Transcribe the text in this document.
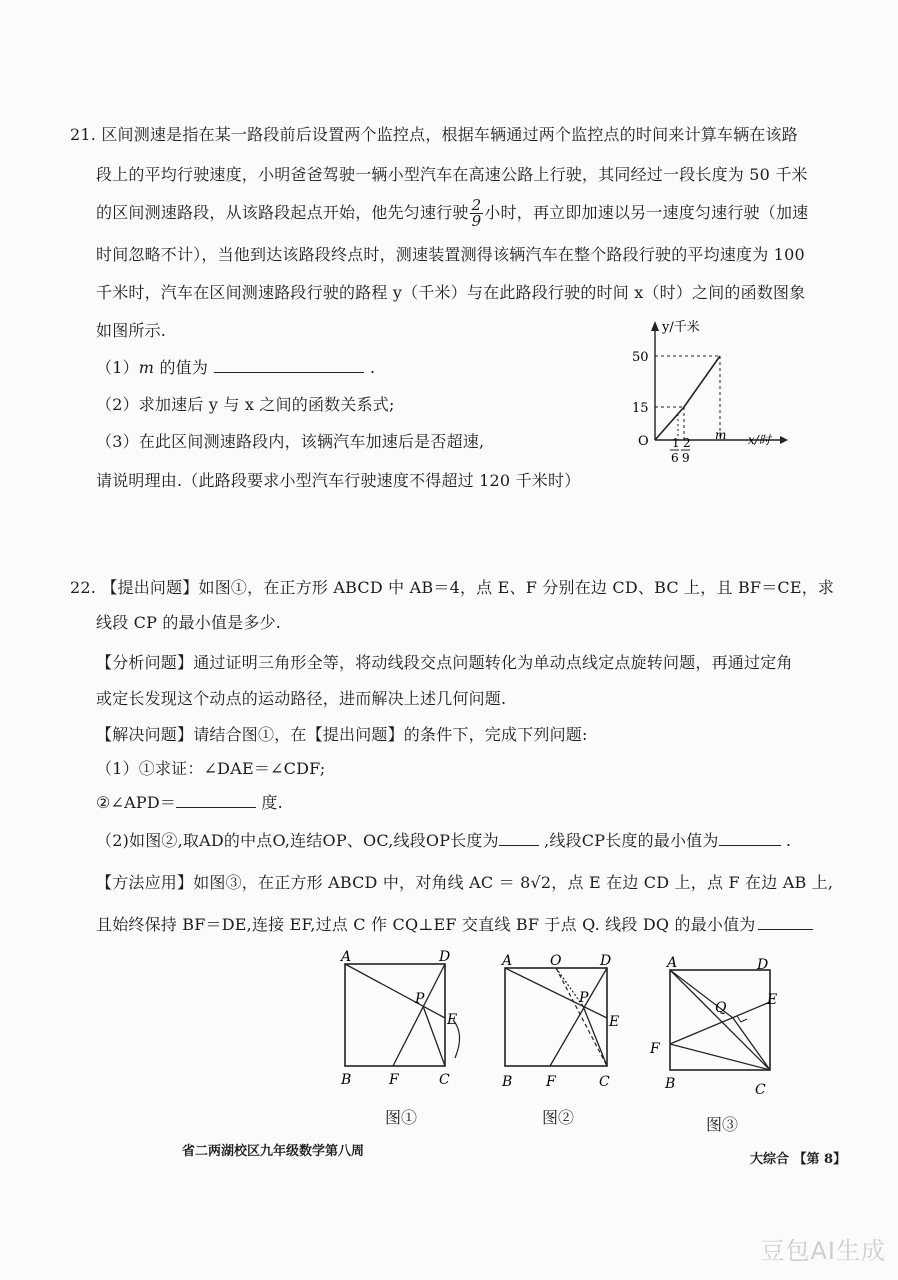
21. 区间测速是指在某一路段前后设置两个监控点，根据车辆通过两个监控点的时间来计算车辆在该路
段上的平均行驶速度，小明爸爸驾驶一辆小型汽车在高速公路上行驶，其同经过一段长度为 50 千米
的区间测速路段，从该路段起点开始，他先匀速行驶 $\frac{2}{9}$ 小时，再立即加速以另一速度匀速行驶（加速
时间忽略不计），当他到达该路段终点时，测速装置测得该辆汽车在整个路段行驶的平均速度为 100
千米时，汽车在区间测速路段行驶的路程 y（千米）与在此路段行驶的时间 x（时）之间的函数图象
如图所示.
（1）m 的值为	.
（2）求加速后 y 与 x 之间的函数关系式;
（3）在此区间测速路段内，该辆汽车加速后是否超速,
请说明理由.（此路段要求小型汽车行驶速度不得超过 120 千米时）
y/千米
x/时
O
50
15
1
6
2
9
m
22. 【提出问题】如图①，在正方形 ABCD 中 AB＝4，点 E、F 分别在边 CD、BC 上，且 BF＝CE，求
线段 CP 的最小值是多少.
【分析问题】通过证明三角形全等，将动线段交点问题转化为单动点线定点旋转问题，再通过定角
或定长发现这个动点的运动路径，进而解决上述几何问题.
【解决问题】请结合图①，在【提出问题】的条件下，完成下列问题:
（1）①求证：∠DAE＝∠CDF;
②∠APD＝	度.
（2)如图②,取AD的中点O,连结OP、OC,线段OP长度为	,线段CP长度的最小值为	.
【方法应用】如图③，在正方形 ABCD 中，对角线 AC ＝ 8√2，点 E 在边 CD 上，点 F 在边 AB 上,
且始终保持 BF＝DE,连接 EF,过点 C 作 CQ⊥EF 交直线 BF 于点 Q. 线段 DQ 的最小值为
A	D
B	C
E
F
P
图①
A	O	D
B	C
E
F
P
图②
A	D
B	C
E
F
Q
图③
省二两湖校区九年级数学第八周
大综合 【第 8】
豆包AI生成
